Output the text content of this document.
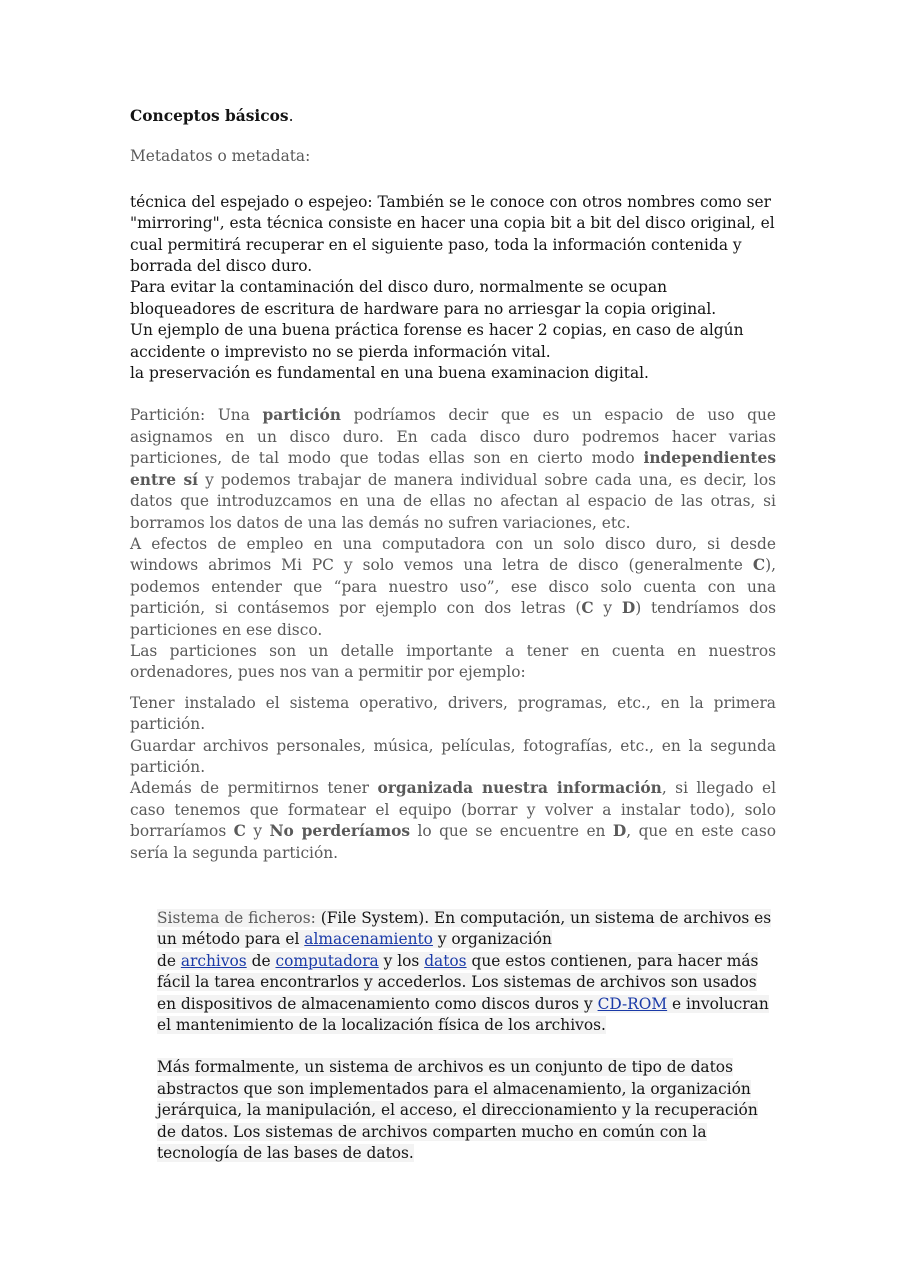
Conceptos básicos.

Metadatos o metadata:

técnica del espejado o espejeo: También se le conoce con otros nombres como ser "mirroring", esta técnica consiste en hacer una copia bit a bit del disco original, el cual permitirá recuperar en el siguiente paso, toda la información contenida y borrada del disco duro.
Para evitar la contaminación del disco duro, normalmente se ocupan bloqueadores de escritura de hardware para no arriesgar la copia original.
Un ejemplo de una buena práctica forense es hacer 2 copias, en caso de algún accidente o imprevisto no se pierda información vital.
la preservación es fundamental en una buena examinacion digital.
Partición: Una partición podríamos decir que es un espacio de uso que asignamos en un disco duro. En cada disco duro podremos hacer varias particiones, de tal modo que todas ellas son en cierto modo independientes entre sí y podemos trabajar de manera individual sobre cada una, es decir, los datos que introduzcamos en una de ellas no afectan al espacio de las otras, si borramos los datos de una las demás no sufren variaciones, etc.
A efectos de empleo en una computadora con un solo disco duro, si desde windows abrimos Mi PC y solo vemos una letra de disco (generalmente C), podemos entender que “para nuestro uso”, ese disco solo cuenta con una partición, si contásemos por ejemplo con dos letras (C y D) tendríamos dos particiones en ese disco.
Las particiones son un detalle importante a tener en cuenta en nuestros ordenadores, pues nos van a permitir por ejemplo:
Tener instalado el sistema operativo, drivers, programas, etc., en la primera partición.
Guardar archivos personales, música, películas, fotografías, etc., en la segunda partición.
Además de permitirnos tener organizada nuestra información, si llegado el caso tenemos que formatear el equipo (borrar y volver a instalar todo), solo borraríamos C y No perderíamos lo que se encuentre en D, que en este caso sería la segunda partición.

Sistema de ficheros: (File System). En computación, un sistema de archivos es un método para el almacenamiento y organización
de archivos de computadora y los datos que estos contienen, para hacer más fácil la tarea encontrarlos y accederlos. Los sistemas de archivos son usados en dispositivos de almacenamiento como discos duros y CD-ROM e involucran el mantenimiento de la localización física de los archivos.

Más formalmente, un sistema de archivos es un conjunto de tipo de datos abstractos que son implementados para el almacenamiento, la organización jerárquica, la manipulación, el acceso, el direccionamiento y la recuperación de datos. Los sistemas de archivos comparten mucho en común con la tecnología de las bases de datos.
